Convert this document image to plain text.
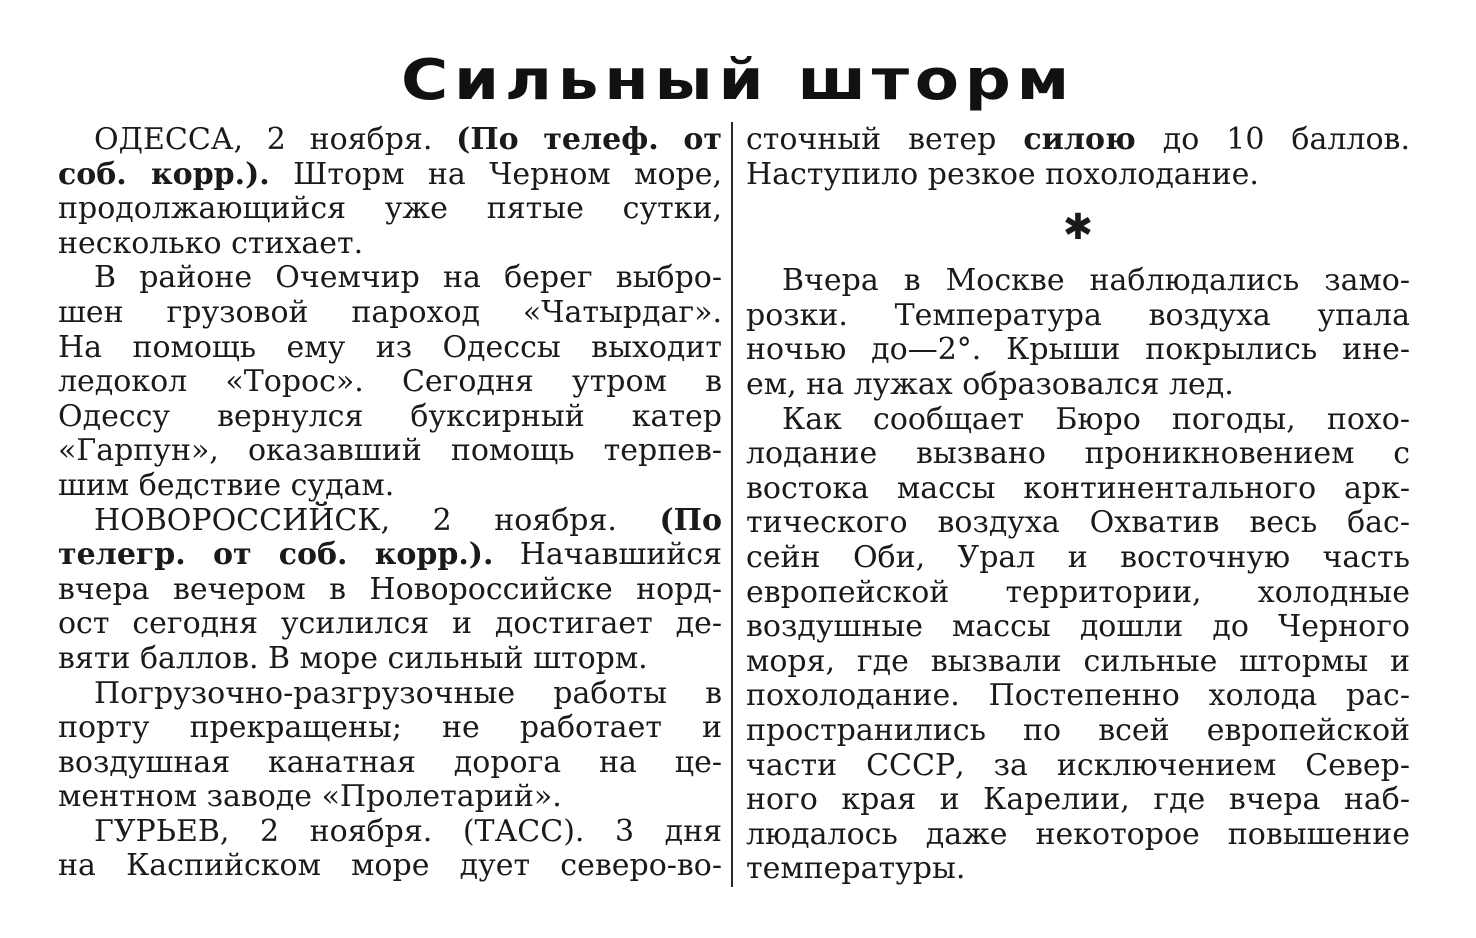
Сильный шторм
ОДЕССА, 2 ноября. (По телеф. от
соб. корр.). Шторм на Черном море,
продолжающийся уже пятые сутки,
несколько стихает.
В районе Очемчир на берег выбро-
шен грузовой пароход «Чатырдаг».
На помощь ему из Одессы выходит
ледокол «Торос». Сегодня утром в
Одессу вернулся буксирный катер
«Гарпун», оказавший помощь терпев-
шим бедствие судам.
НОВОРОССИЙСК, 2 ноября. (По
телегр. от соб. корр.). Начавшийся
вчера вечером в Новороссийске норд-
ост сегодня усилился и достигает де-
вяти баллов. В море сильный шторм.
Погрузочно-разгрузочные работы в
порту прекращены; не работает и
воздушная канатная дорога на це-
ментном заводе «Пролетарий».
ГУРЬЕВ, 2 ноября. (ТАСС). 3 дня
на Каспийском море дует северо-во-
сточный ветер силою до 10 баллов.
Наступило резкое похолодание.
✱
Вчера в Москве наблюдались замо-
розки. Температура воздуха упала
ночью до—2°. Крыши покрылись ине-
ем, на лужах образовался лед.
Как сообщает Бюро погоды, похо-
лодание вызвано проникновением с
востока массы континентального арк-
тического воздуха Охватив весь бас-
сейн Оби, Урал и восточную часть
европейской территории, холодные
воздушные массы дошли до Черного
моря, где вызвали сильные штормы и
похолодание. Постепенно холода рас-
пространились по всей европейской
части СССР, за исключением Север-
ного края и Карелии, где вчера наб-
людалось даже некоторое повышение
температуры.
